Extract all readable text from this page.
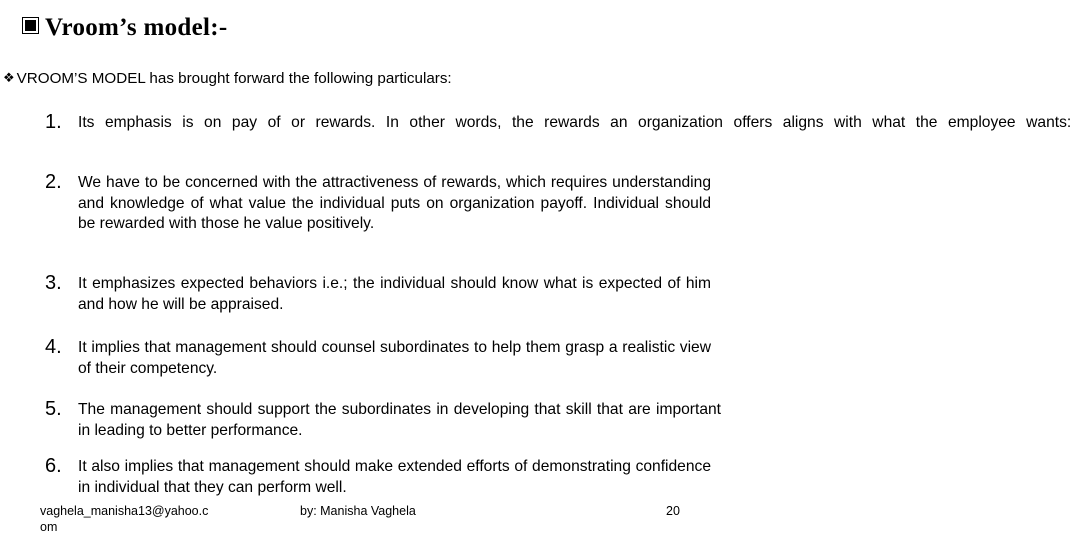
Vroom’s model:-
❖ VROOM’S MODEL has brought forward the following particulars:
1. Its emphasis is on pay of or rewards. In other words, the rewards an organization offers aligns with what the employee wants:

2. We have to be concerned with the attractiveness of rewards, which requires understanding and knowledge of what value the individual puts on organization payoff. Individual should be rewarded with those he value positively.

3. It emphasizes expected behaviors i.e.; the individual should know what is expected of him and how he will be appraised.

4. It implies that management should counsel subordinates to help them grasp a realistic view of their competency.

5. The management should support the subordinates in developing that skill that are important in leading to better performance.

6. It also implies that management should make extended efforts of demonstrating confidence in individual that they can perform well.

vaghela_manisha13@yahoo.com
by: Manisha Vaghela	20
